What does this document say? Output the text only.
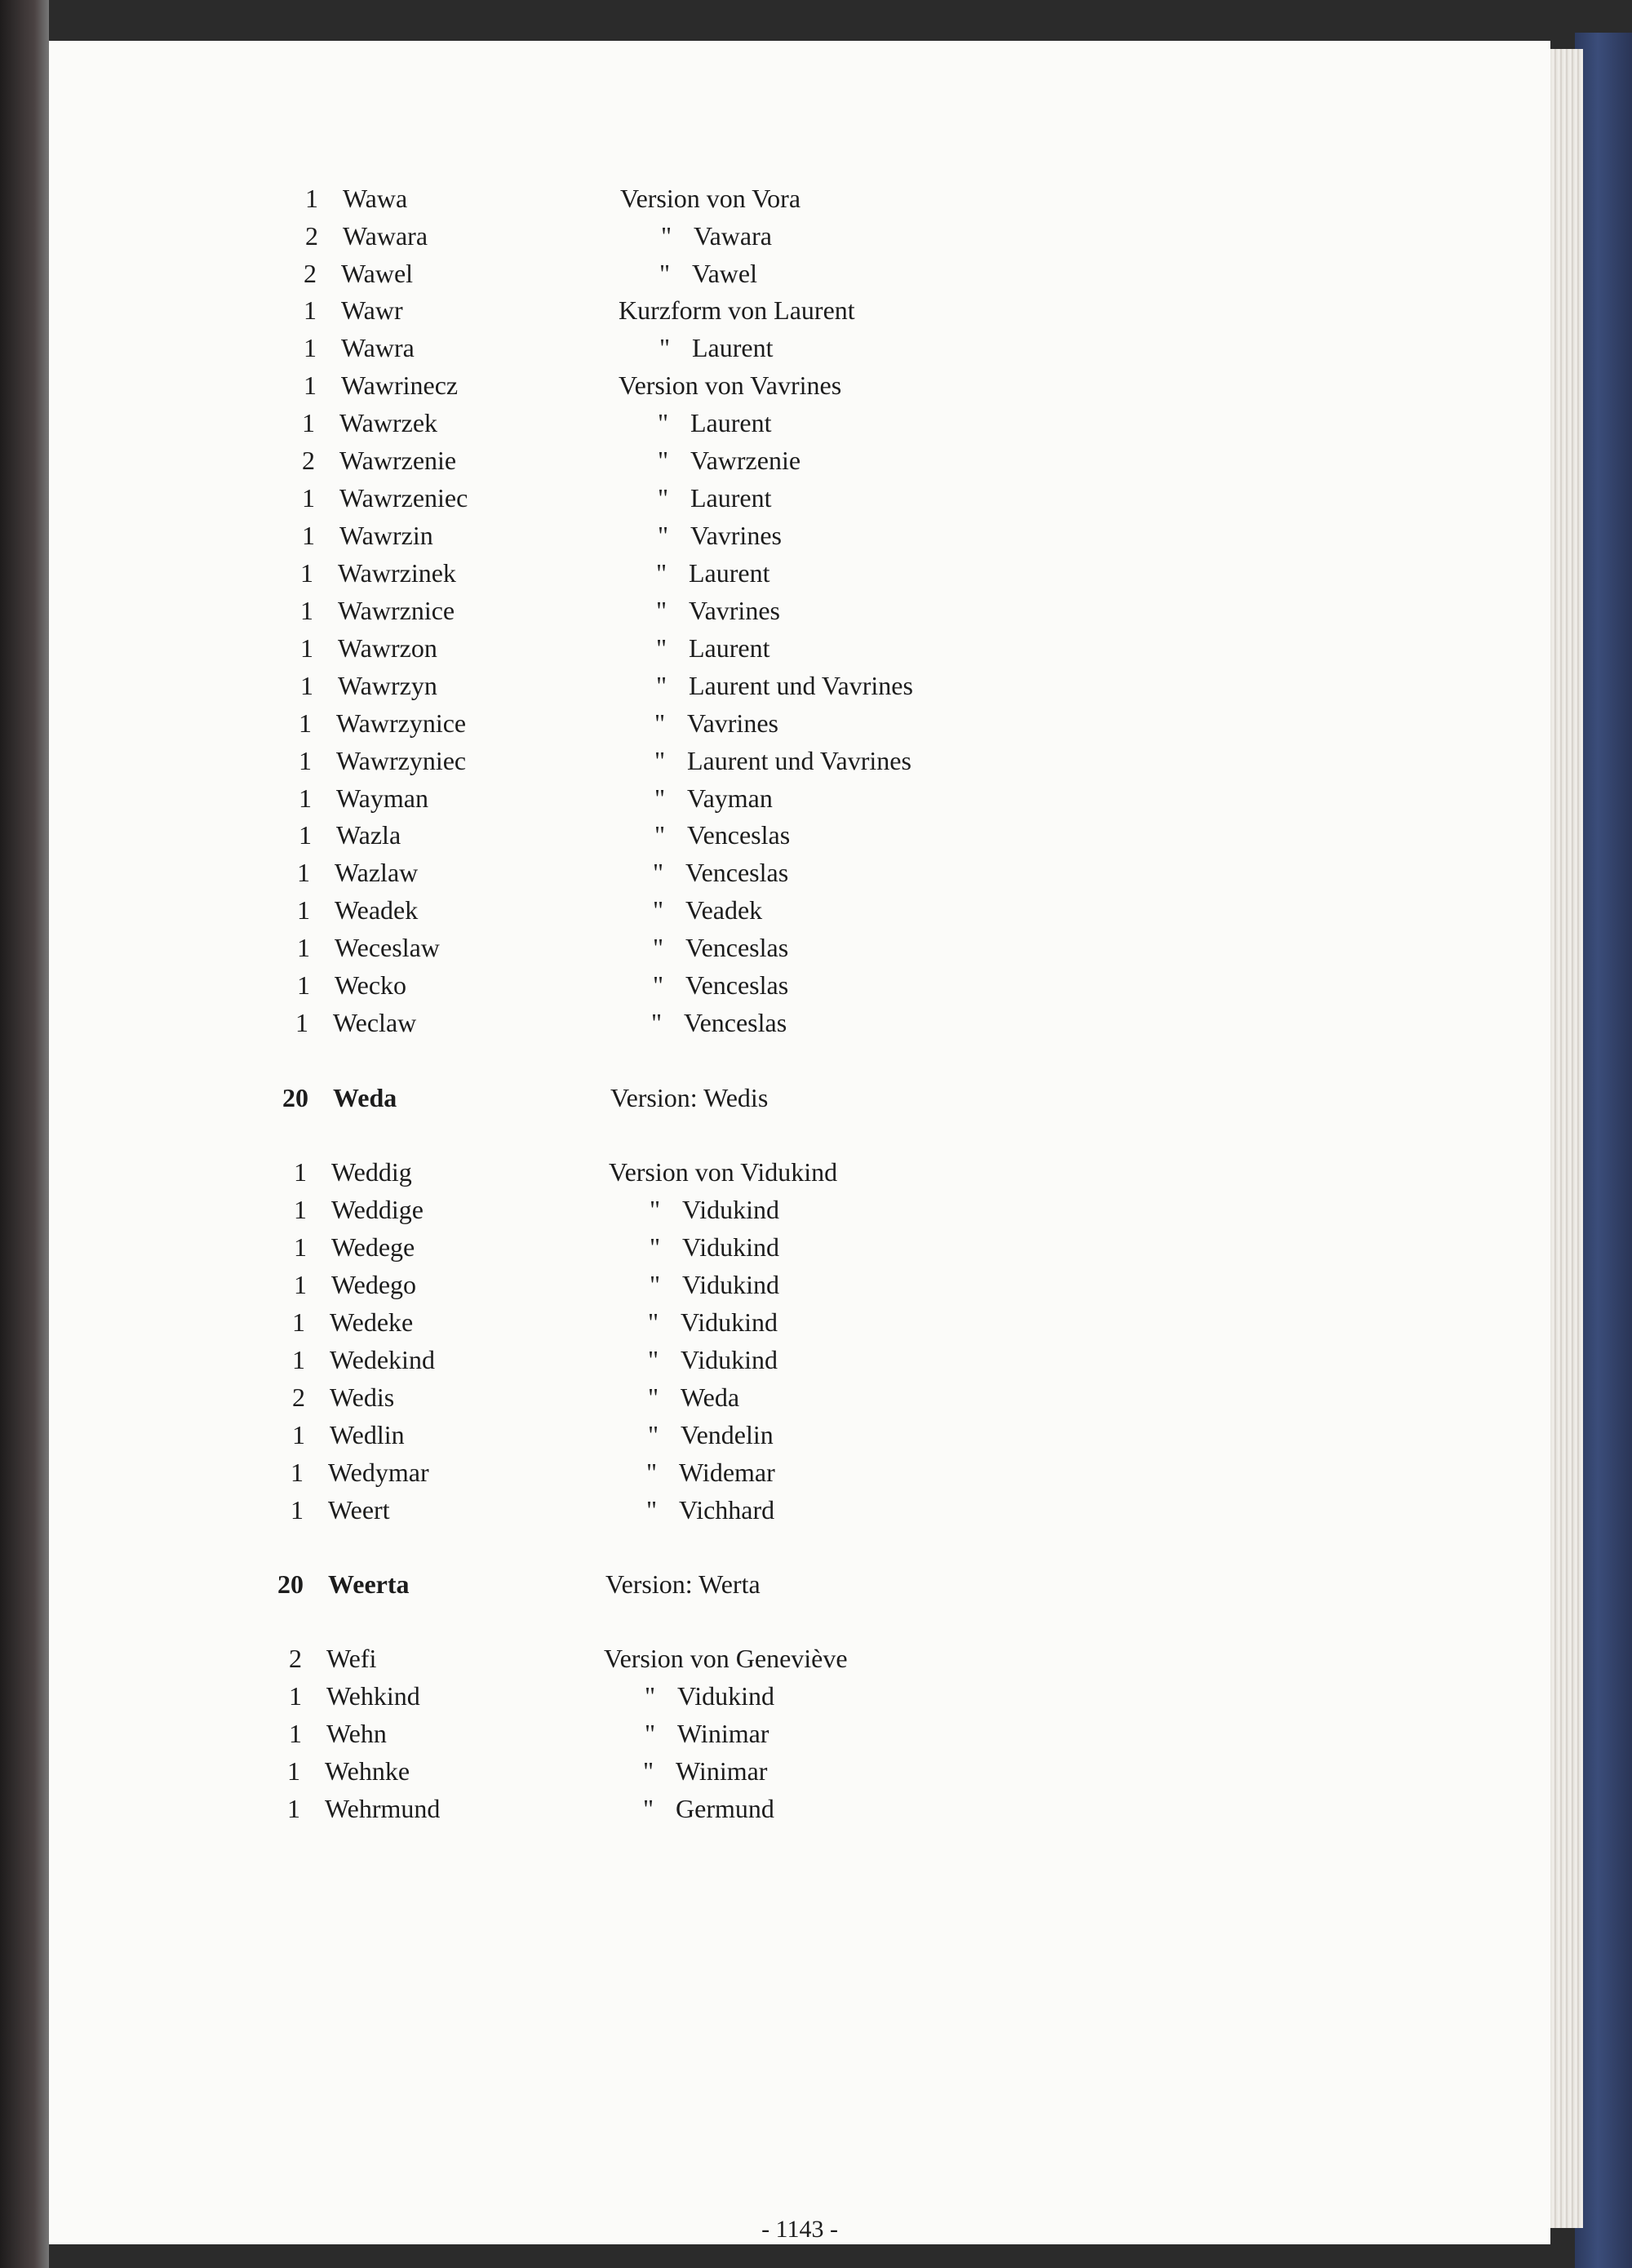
1 Wawa	Version von Vora
2 Wawara	" Vawara
2 Wawel	" Vawel
1 Wawr	Kurzform von Laurent
1 Wawra	" Laurent
1 Wawrinecz	Version von Vavrines
1 Wawrzek	" Laurent
2 Wawrzenie	" Vawrzenie
1 Wawrzeniec	" Laurent
1 Wawrzin	" Vavrines
1 Wawrzinek	" Laurent
1 Wawrznice	" Vavrines
1 Wawrzon	" Laurent
1 Wawrzyn	" Laurent und Vavrines
1 Wawrzynice	" Vavrines
1 Wawrzyniec	" Laurent und Vavrines
1 Wayman	" Vayman
1 Wazla	" Venceslas
1 Wazlaw	" Venceslas
1 Weadek	" Veadek
1 Weceslaw	" Venceslas
1 Wecko	" Venceslas
1 Weclaw	" Venceslas
20 Weda	Version: Wedis
1 Weddig	Version von Vidukind
1 Weddige	" Vidukind
1 Wedege	" Vidukind
1 Wedego	" Vidukind
1 Wedeke	" Vidukind
1 Wedekind	" Vidukind
2 Wedis	" Weda
1 Wedlin	" Vendelin
1 Wedymar	" Widemar
1 Weert	" Vichhard
20 Weerta	Version: Werta
2 Wefi	Version von Geneviève
1 Wehkind	" Vidukind
1 Wehn	" Winimar
1 Wehnke	" Winimar
1 Wehrmund	" Germund
- 1143 -
